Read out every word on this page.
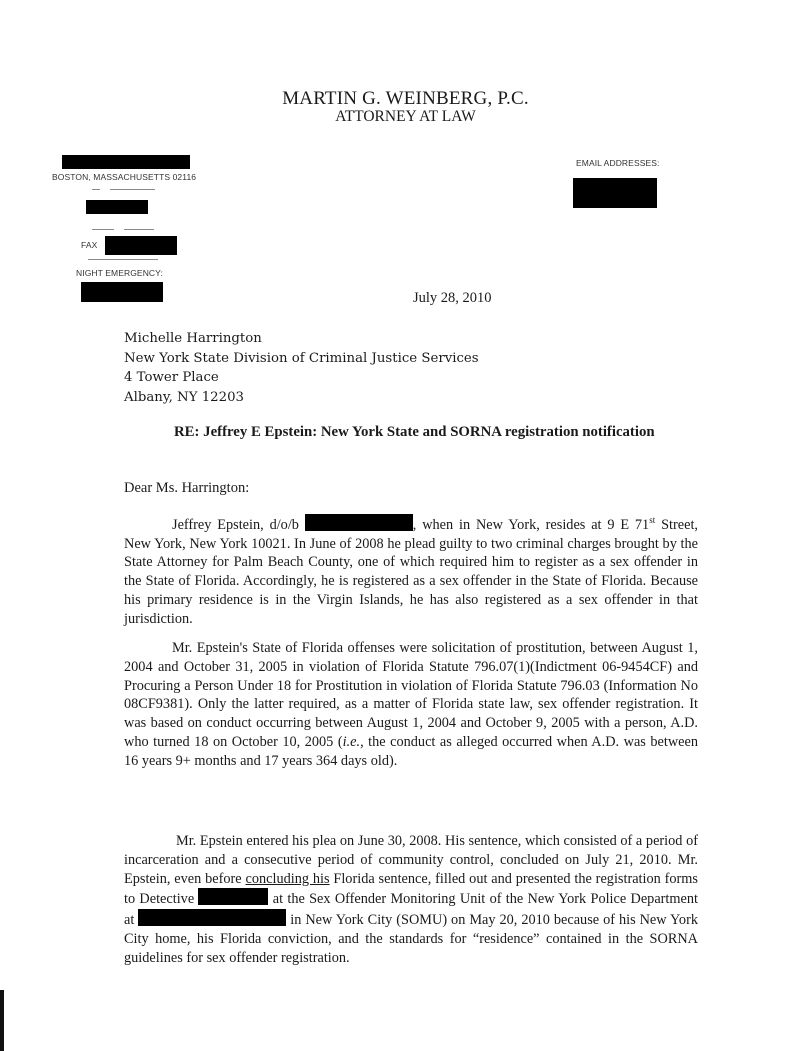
MARTIN G. WEINBERG, P.C.
ATTORNEY AT LAW
BOSTON, MASSACHUSETTS 02116
FAX
NIGHT EMERGENCY:
EMAIL ADDRESSES:
July 28, 2010
Michelle Harrington
New York State Division of Criminal Justice Services
4 Tower Place
Albany, NY 12203
RE: Jeffrey E Epstein: New York State and SORNA registration notification
Dear Ms. Harrington:
Jeffrey Epstein, d/o/b	, when in New York, resides at 9 E 71st Street, New York, New York 10021. In June of 2008 he plead guilty to two criminal charges brought by the State Attorney for Palm Beach County, one of which required him to register as a sex offender in the State of Florida. Accordingly, he is registered as a sex offender in the State of Florida. Because his primary residence is in the Virgin Islands, he has also registered as a sex offender in that jurisdiction.
Mr. Epstein's State of Florida offenses were solicitation of prostitution, between August 1, 2004 and October 31, 2005 in violation of Florida Statute 796.07(1)(Indictment 06-9454CF) and Procuring a Person Under 18 for Prostitution in violation of Florida Statute 796.03 (Information No 08CF9381). Only the latter required, as a matter of Florida state law, sex offender registration. It was based on conduct occurring between August 1, 2004 and October 9, 2005 with a person, A.D. who turned 18 on October 10, 2005 (i.e., the conduct as alleged occurred when A.D. was between 16 years 9+ months and 17 years 364 days old).
Mr. Epstein entered his plea on June 30, 2008. His sentence, which consisted of a period of incarceration and a consecutive period of community control, concluded on July 21, 2010. Mr. Epstein, even before concluding his Florida sentence, filled out and presented the registration forms to Detective	at the Sex Offender Monitoring Unit of the New York Police Department at	in New York City (SOMU) on May 20, 2010 because of his New York City home, his Florida conviction, and the standards for “residence” contained in the SORNA guidelines for sex offender registration.
